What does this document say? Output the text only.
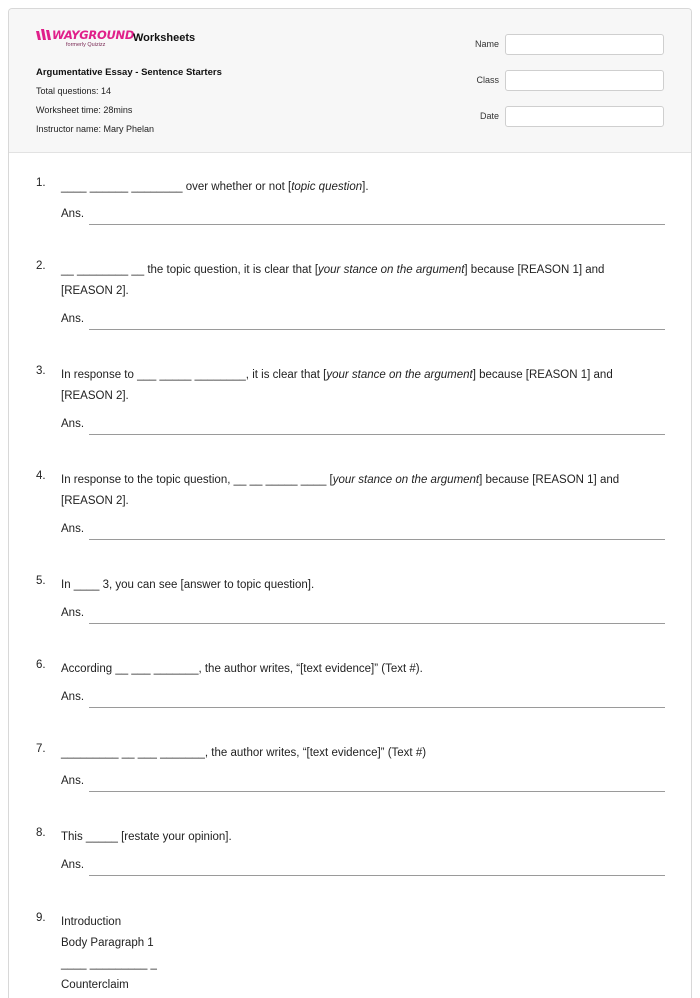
WAYGROUND
formerly Quizizz
Worksheets
Argumentative Essay - Sentence Starters
Total questions: 14
Worksheet time: 28mins
Instructor name: Mary Phelan
Name
Class
Date
1. ____ ______ ________ over whether or not [topic question].
Ans.
2. __ ________ __ the topic question, it is clear that [your stance on the argument] because [REASON 1] and [REASON 2].
Ans.
3. In response to ___ _____ ________, it is clear that [your stance on the argument] because [REASON 1] and [REASON 2].
Ans.
4. In response to the topic question, __ __ _____ ____ [your stance on the argument] because [REASON 1] and [REASON 2].
Ans.
5. In ____ 3, you can see [answer to topic question].
Ans.
6. According __ ___ _______, the author writes, “[text evidence]” (Text #).
Ans.
7. _________ __ ___ _______, the author writes, “[text evidence]” (Text #)
Ans.
8. This _____ [restate your opinion].
Ans.
9. Introduction
Body Paragraph 1
____ _________ _
Counterclaim
